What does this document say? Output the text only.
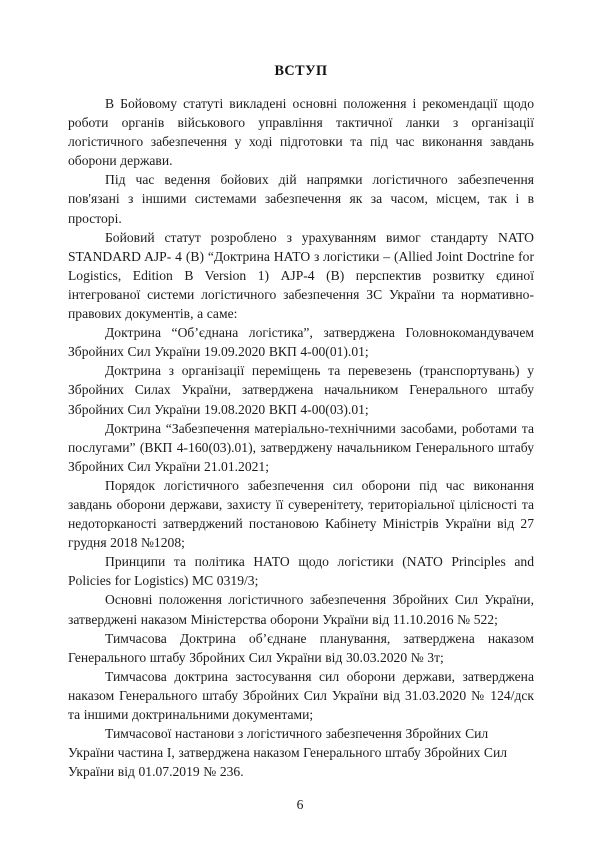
ВСТУП

В Бойовому статуті викладені основні положення і рекомендації щодо роботи органів військового управління тактичної ланки з організації логістичного забезпечення у ході підготовки та під час виконання завдань оборони держави.

Під час ведення бойових дій напрямки логістичного забезпечення пов'язані з іншими системами забезпечення як за часом, місцем, так і в просторі.

Бойовий статут розроблено з урахуванням вимог стандарту NATO STANDARD AJP- 4 (B) “Доктрина НАТО з логістики – (Allied Joint Doctrine for Logistics, Edition B Version 1) AJP-4 (B) перспектив розвитку єдиної інтегрованої системи логістичного забезпечення ЗС України та нормативно-правових документів, а саме:

Доктрина “Об’єднана логістика”, затверджена Головнокомандувачем Збройних Сил України 19.09.2020 ВКП 4-00(01).01;

Доктрина з організації переміщень та перевезень (транспортувань) у Збройних Силах України, затверджена начальником Генерального штабу Збройних Сил України 19.08.2020 ВКП 4-00(03).01;

Доктрина “Забезпечення матеріально-технічними засобами, роботами та послугами” (ВКП 4-160(03).01), затверджену начальником Генерального штабу Збройних Сил України 21.01.2021;

Порядок логістичного забезпечення сил оборони під час виконання завдань оборони держави, захисту її суверенітету, територіальної цілісності та недоторканості затверджений постановою Кабінету Міністрів України від 27 грудня 2018 №1208;

Принципи та політика НАТО щодо логістики (NATO Principles and Policies for Logistics) MC 0319/3;

Основні положення логістичного забезпечення Збройних Сил України, затверджені наказом Міністерства оборони України від 11.10.2016 № 522;

Тимчасова Доктрина об’єднане планування, затверджена наказом Генерального штабу Збройних Сил України від 30.03.2020 № 3т;

Тимчасова доктрина застосування сил оборони держави, затверджена наказом Генерального штабу Збройних Сил України від 31.03.2020 № 124/дск та іншими доктринальними документами;

Тимчасової настанови з логістичного забезпечення Збройних Сил України частина I, затверджена наказом Генерального штабу Збройних Сил України від 01.07.2019 № 236.

6
